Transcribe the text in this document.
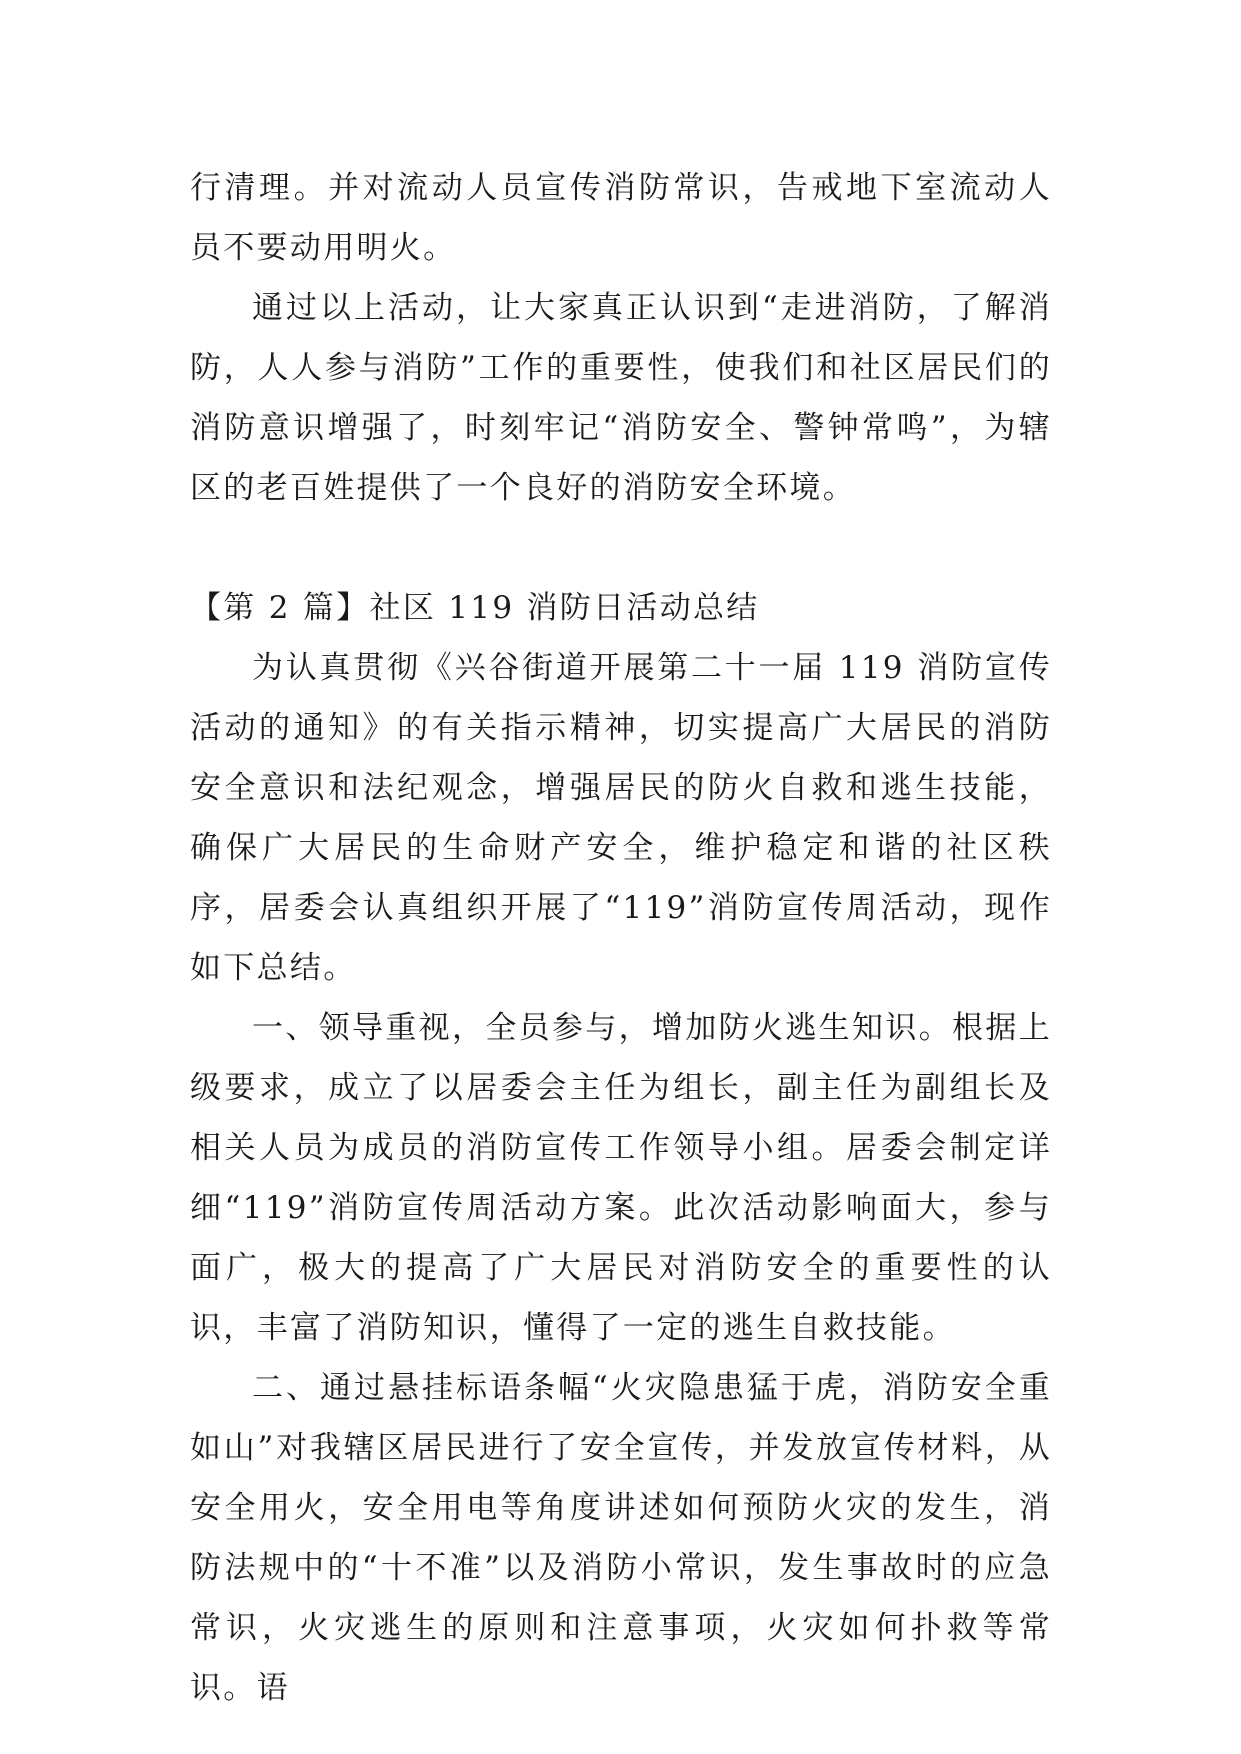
行清理。并对流动人员宣传消防常识，告戒地下室流动人员不要动用明火。

通过以上活动，让大家真正认识到“走进消防，了解消防，人人参与消防”工作的重要性，使我们和社区居民们的消防意识增强了，时刻牢记“消防安全、警钟常鸣”，为辖区的老百姓提供了一个良好的消防安全环境。

【第 2 篇】社区 119 消防日活动总结

为认真贯彻《兴谷街道开展第二十一届 119 消防宣传活动的通知》的有关指示精神，切实提高广大居民的消防安全意识和法纪观念，增强居民的防火自救和逃生技能，确保广大居民的生命财产安全，维护稳定和谐的社区秩序，居委会认真组织开展了“119”消防宣传周活动，现作如下总结。

一、领导重视，全员参与，增加防火逃生知识。根据上级要求，成立了以居委会主任为组长，副主任为副组长及相关人员为成员的消防宣传工作领导小组。居委会制定详细“119”消防宣传周活动方案。此次活动影响面大，参与面广，极大的提高了广大居民对消防安全的重要性的认识，丰富了消防知识，懂得了一定的逃生自救技能。

二、通过悬挂标语条幅“火灾隐患猛于虎，消防安全重如山”对我辖区居民进行了安全宣传，并发放宣传材料，从安全用火，安全用电等角度讲述如何预防火灾的发生，消防法规中的“十不准”以及消防小常识，发生事故时的应急常识，火灾逃生的原则和注意事项，火灾如何扑救等常识。语
